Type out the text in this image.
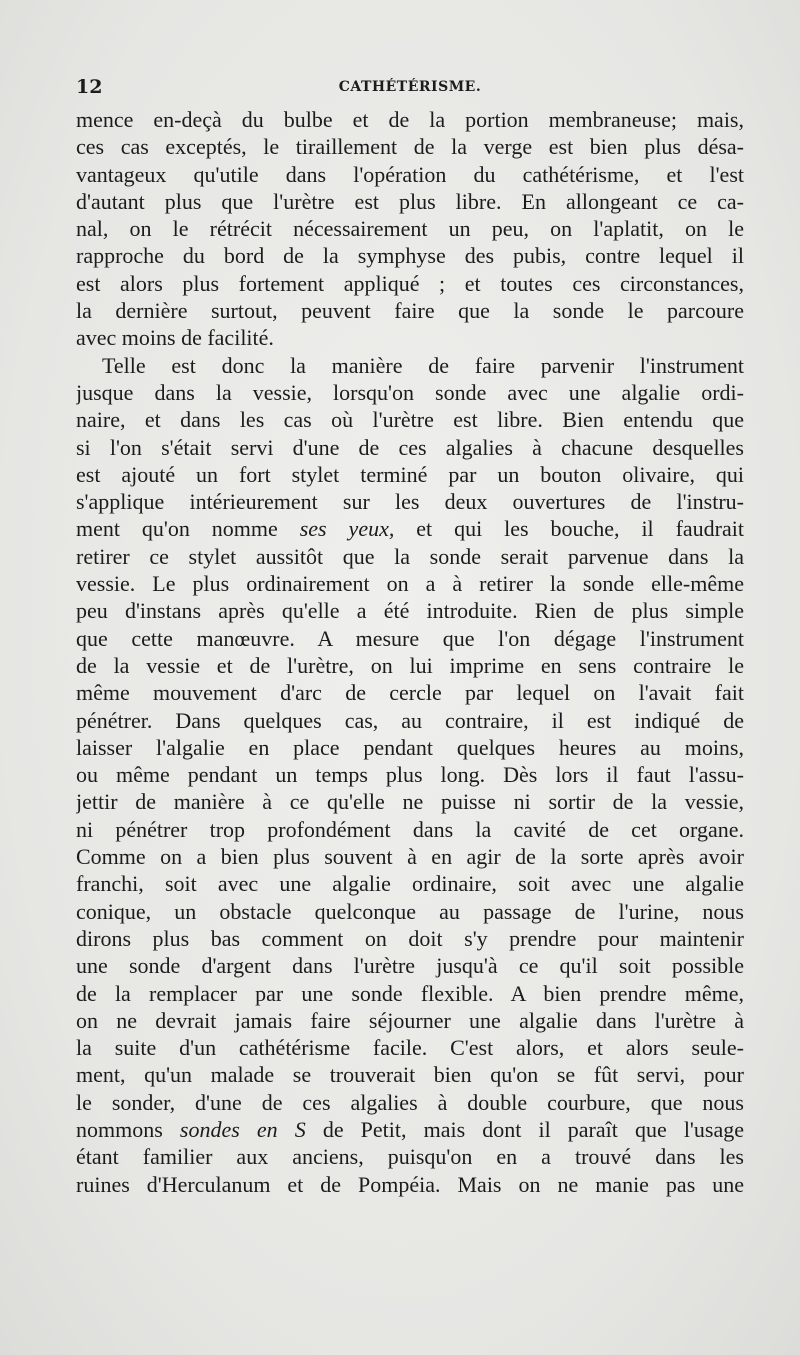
12	CATHÉTÉRISME.
mence en-deçà du bulbe et de la portion membraneuse; mais,
ces cas exceptés, le tiraillement de la verge est bien plus désa-
vantageux qu'utile dans l'opération du cathétérisme, et l'est
d'autant plus que l'urètre est plus libre. En allongeant ce ca-
nal, on le rétrécit nécessairement un peu, on l'aplatit, on le
rapproche du bord de la symphyse des pubis, contre lequel il
est alors plus fortement appliqué ; et toutes ces circonstances,
la dernière surtout, peuvent faire que la sonde le parcoure
avec moins de facilité.
Telle est donc la manière de faire parvenir l'instrument
jusque dans la vessie, lorsqu'on sonde avec une algalie ordi-
naire, et dans les cas où l'urètre est libre. Bien entendu que
si l'on s'était servi d'une de ces algalies à chacune desquelles
est ajouté un fort stylet terminé par un bouton olivaire, qui
s'applique intérieurement sur les deux ouvertures de l'instru-
ment qu'on nomme ses yeux, et qui les bouche, il faudrait
retirer ce stylet aussitôt que la sonde serait parvenue dans la
vessie. Le plus ordinairement on a à retirer la sonde elle-même
peu d'instans après qu'elle a été introduite. Rien de plus simple
que cette manœuvre. A mesure que l'on dégage l'instrument
de la vessie et de l'urètre, on lui imprime en sens contraire le
même mouvement d'arc de cercle par lequel on l'avait fait
pénétrer. Dans quelques cas, au contraire, il est indiqué de
laisser l'algalie en place pendant quelques heures au moins,
ou même pendant un temps plus long. Dès lors il faut l'assu-
jettir de manière à ce qu'elle ne puisse ni sortir de la vessie,
ni pénétrer trop profondément dans la cavité de cet organe.
Comme on a bien plus souvent à en agir de la sorte après avoir
franchi, soit avec une algalie ordinaire, soit avec une algalie
conique, un obstacle quelconque au passage de l'urine, nous
dirons plus bas comment on doit s'y prendre pour maintenir
une sonde d'argent dans l'urètre jusqu'à ce qu'il soit possible
de la remplacer par une sonde flexible. A bien prendre même,
on ne devrait jamais faire séjourner une algalie dans l'urètre à
la suite d'un cathétérisme facile. C'est alors, et alors seule-
ment, qu'un malade se trouverait bien qu'on se fût servi, pour
le sonder, d'une de ces algalies à double courbure, que nous
nommons sondes en S de Petit, mais dont il paraît que l'usage
étant familier aux anciens, puisqu'on en a trouvé dans les
ruines d'Herculanum et de Pompéia. Mais on ne manie pas une
